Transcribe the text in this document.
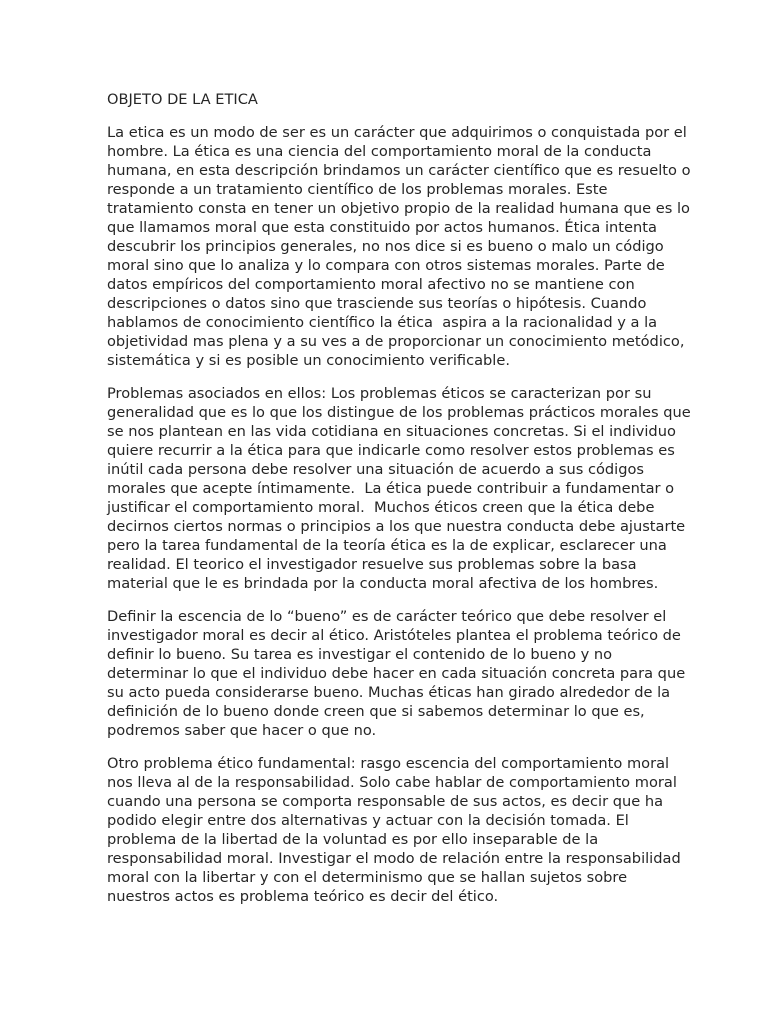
OBJETO DE LA ETICA
La etica es un modo de ser es un carácter que adquirimos o conquistada por el
hombre. La ética es una ciencia del comportamiento moral de la conducta
humana, en esta descripción brindamos un carácter científico que es resuelto o
responde a un tratamiento científico de los problemas morales. Este
tratamiento consta en tener un objetivo propio de la realidad humana que es lo
que llamamos moral que esta constituido por actos humanos. Ética intenta
descubrir los principios generales, no nos dice si es bueno o malo un código
moral sino que lo analiza y lo compara con otros sistemas morales. Parte de
datos empíricos del comportamiento moral afectivo no se mantiene con
descripciones o datos sino que trasciende sus teorías o hipótesis. Cuando
hablamos de conocimiento científico la ética  aspira a la racionalidad y a la
objetividad mas plena y a su ves a de proporcionar un conocimiento metódico,
sistemática y si es posible un conocimiento verificable.
Problemas asociados en ellos: Los problemas éticos se caracterizan por su
generalidad que es lo que los distingue de los problemas prácticos morales que
se nos plantean en las vida cotidiana en situaciones concretas. Si el individuo
quiere recurrir a la ética para que indicarle como resolver estos problemas es
inútil cada persona debe resolver una situación de acuerdo a sus códigos
morales que acepte íntimamente.  La ética puede contribuir a fundamentar o
justificar el comportamiento moral.  Muchos éticos creen que la ética debe
decirnos ciertos normas o principios a los que nuestra conducta debe ajustarte
pero la tarea fundamental de la teoría ética es la de explicar, esclarecer una
realidad. El teorico el investigador resuelve sus problemas sobre la basa
material que le es brindada por la conducta moral afectiva de los hombres.
Definir la escencia de lo “bueno” es de carácter teórico que debe resolver el
investigador moral es decir al ético. Aristóteles plantea el problema teórico de
definir lo bueno. Su tarea es investigar el contenido de lo bueno y no
determinar lo que el individuo debe hacer en cada situación concreta para que
su acto pueda considerarse bueno. Muchas éticas han girado alrededor de la
definición de lo bueno donde creen que si sabemos determinar lo que es,
podremos saber que hacer o que no.
Otro problema ético fundamental: rasgo escencia del comportamiento moral
nos lleva al de la responsabilidad. Solo cabe hablar de comportamiento moral
cuando una persona se comporta responsable de sus actos, es decir que ha
podido elegir entre dos alternativas y actuar con la decisión tomada. El
problema de la libertad de la voluntad es por ello inseparable de la
responsabilidad moral. Investigar el modo de relación entre la responsabilidad
moral con la libertar y con el determinismo que se hallan sujetos sobre
nuestros actos es problema teórico es decir del ético.
